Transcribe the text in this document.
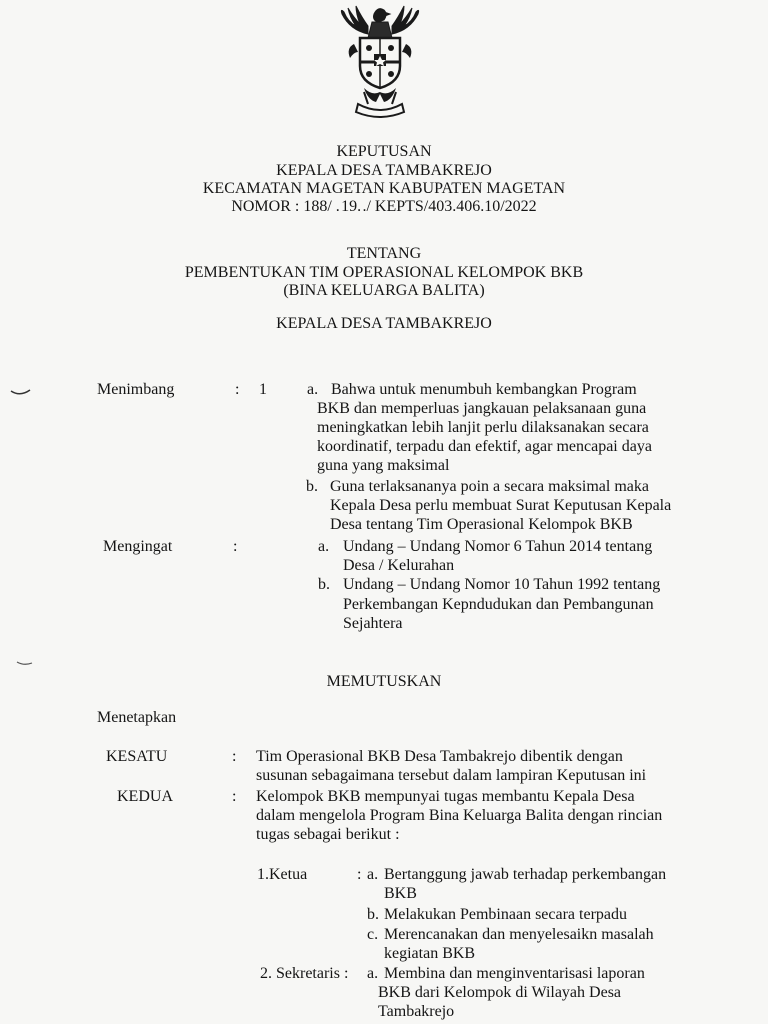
KEPUTUSAN
KEPALA DESA TAMBAKREJO
KECAMATAN MAGETAN KABUPATEN MAGETAN
NOMOR : 188/ . 19. ./ KEPTS/403.406.10/2022
TENTANG
PEMBENTUKAN TIM OPERASIONAL KELOMPOK BKB
(BINA KELUARGA BALITA)
KEPALA DESA TAMBAKREJO
Menimbang	: 1	a. Bahwa untuk menumbuh kembangkan Program
BKB dan memperluas jangkauan pelaksanaan guna
meningkatkan lebih lanjit perlu dilaksanakan secara
koordinatif, terpadu dan efektif, agar mencapai daya
guna yang maksimal
b. Guna terlaksananya poin a secara maksimal maka
Kepala Desa perlu membuat Surat Keputusan Kepala
Desa tentang Tim Operasional Kelompok BKB
Mengingat	:	a. Undang – Undang Nomor 6 Tahun 2014 tentang
Desa / Kelurahan
b. Undang – Undang Nomor 10 Tahun 1992 tentang
Perkembangan Kepndudukan dan Pembangunan
Sejahtera
MEMUTUSKAN
Menetapkan
KESATU	: Tim Operasional BKB Desa Tambakrejo dibentik dengan
susunan sebagaimana tersebut dalam lampiran Keputusan ini
KEDUA	: Kelompok BKB mempunyai tugas membantu Kepala Desa
dalam mengelola Program Bina Keluarga Balita dengan rincian
tugas sebagai berikut :
1.Ketua	: a. Bertanggung jawab terhadap perkembangan
BKB
b. Melakukan Pembinaan secara terpadu
c. Merencanakan dan menyelesaikn masalah
kegiatan BKB
2. Sekretaris : a. Membina dan menginventarisasi laporan
BKB dari Kelompok di Wilayah Desa
Tambakrejo
